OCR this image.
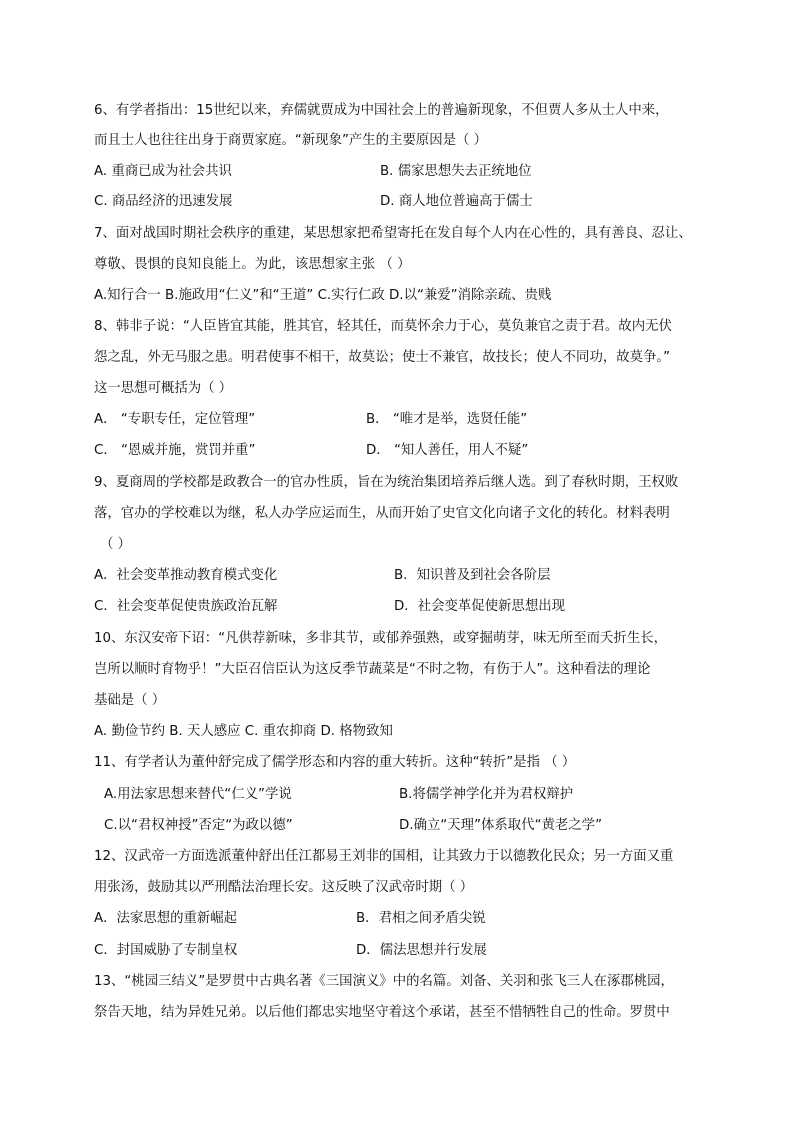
6、有学者指出：15世纪以来，弃儒就贾成为中国社会上的普遍新现象，不但贾人多从士人中来，
而且士人也往往出身于商贾家庭。“新现象”产生的主要原因是（ ）
A. 重商已成为社会共识	B. 儒家思想失去正统地位
C. 商品经济的迅速发展	D. 商人地位普遍高于儒士
7、面对战国时期社会秩序的重建，某思想家把希望寄托在发自每个人内在心性的，具有善良、忍让、
尊敬、畏惧的良知良能上。为此，该思想家主张 （ ）
A.知行合一 B.施政用“仁义”和“王道” C.实行仁政 D.以“兼爱”消除亲疏、贵贱
8、韩非子说：“人臣皆宜其能，胜其官，轻其任，而莫怀余力于心，莫负兼官之责于君。故内无伏
怨之乱，外无马服之患。明君使事不相干，故莫讼；使士不兼官，故技长；使人不同功，故莫争。”
这一思想可概括为（ ）
A． “专职专任，定位管理”	B． “唯才是举，选贤任能”
C． “恩威并施，赏罚并重”	D． “知人善任，用人不疑”
9、夏商周的学校都是政教合一的官办性质，旨在为统治集团培养后继人选。到了春秋时期，王权败
落，官办的学校难以为继，私人办学应运而生，从而开始了史官文化向诸子文化的转化。材料表明
（ ）
A．社会变革推动教育模式变化	B．知识普及到社会各阶层
C．社会变革促使贵族政治瓦解	D．社会变革促使新思想出现
10、东汉安帝下诏：“凡供荐新味，多非其节，或郁养强熟，或穿掘萌芽，味无所至而夭折生长，
岂所以顺时育物乎！”大臣召信臣认为这反季节蔬菜是“不时之物，有伤于人”。这种看法的理论
基础是（ ）
A. 勤俭节约 B. 天人感应 C. 重农抑商 D. 格物致知
11、有学者认为董仲舒完成了儒学形态和内容的重大转折。这种“转折”是指 （ ）
A.用法家思想来替代“仁义”学说	B.将儒学神学化并为君权辩护
C.以“君权神授”否定“为政以德”	D.确立“天理”体系取代“黄老之学”
12、汉武帝一方面选派董仲舒出任江都易王刘非的国相，让其致力于以德教化民众；另一方面又重
用张汤，鼓励其以严刑酷法治理长安。这反映了汉武帝时期（ ）
A．法家思想的重新崛起	B．君相之间矛盾尖锐
C．封国威胁了专制皇权	D．儒法思想并行发展
13、“桃园三结义”是罗贯中古典名著《三国演义》中的名篇。刘备、关羽和张飞三人在涿郡桃园，
祭告天地，结为异姓兄弟。以后他们都忠实地坚守着这个承诺，甚至不惜牺牲自己的性命。罗贯中
